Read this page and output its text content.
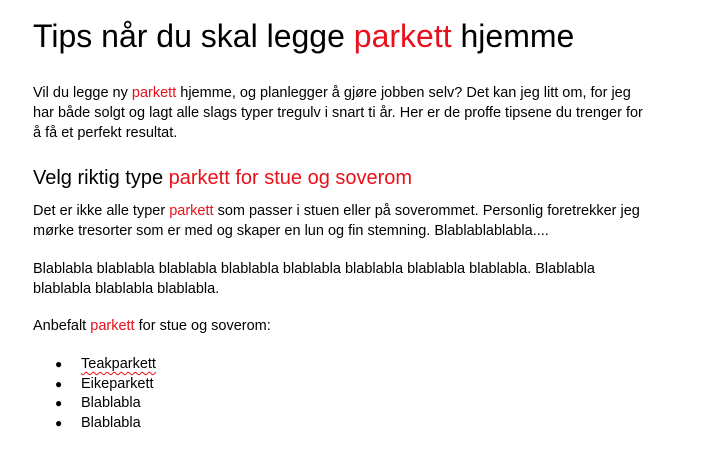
Tips når du skal legge parkett hjemme

Vil du legge ny parkett hjemme, og planlegger å gjøre jobben selv? Det kan jeg litt om, for jeg har både solgt og lagt alle slags typer tregulv i snart ti år. Her er de proffe tipsene du trenger for å få et perfekt resultat.

Velg riktig type parkett for stue og soverom

Det er ikke alle typer parkett som passer i stuen eller på soverommet. Personlig foretrekker jeg mørke tresorter som er med og skaper en lun og fin stemning. Blablablablabla....

Blablabla blablabla blablabla blablabla blablabla blablabla blablabla blablabla. Blablabla blablabla blablabla blablabla.

Anbefalt parkett for stue og soverom:

● Teakparkett
● Eikeparkett
● Blablabla
● Blablabla
